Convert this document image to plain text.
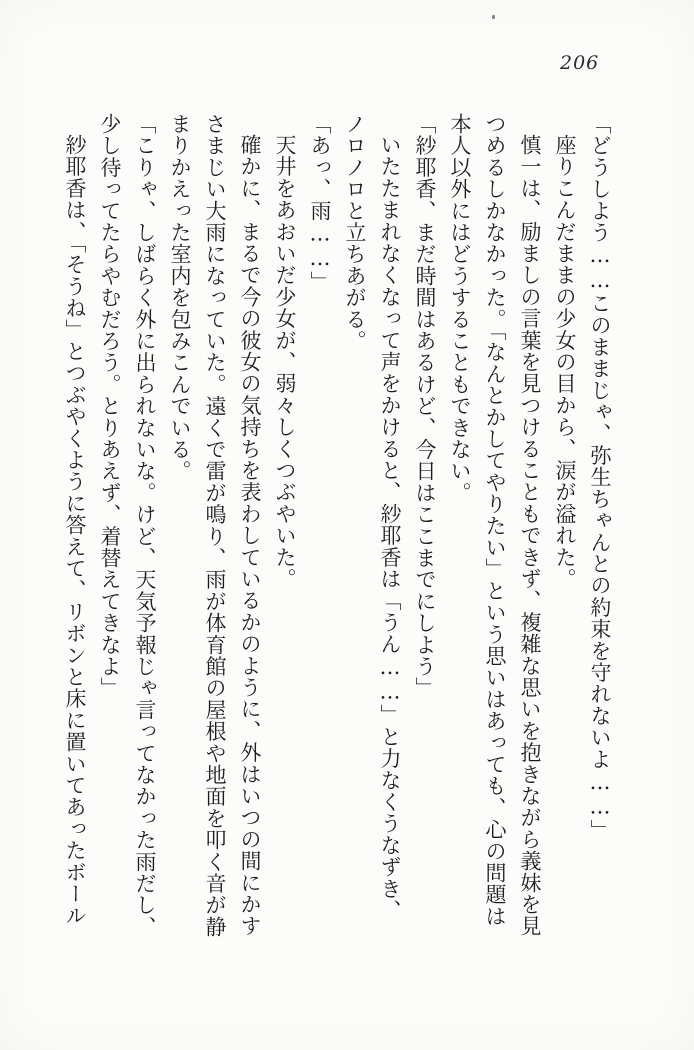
206

「どうしよう……このままじゃ、弥生ちゃんとの約束を守れないよ……」

座りこんだままの少女の目から、涙が溢れた。

慎一は、励ましの言葉を見つけることもできず、複雑な思いを抱きながら義妹を見つめるしかなかった。「なんとかしてやりたい」という思いはあっても、心の問題は本人以外にはどうすることもできない。

「紗耶香、まだ時間はあるけど、今日はここまでにしよう」

いたたまれなくなって声をかけると、紗耶香は「うん……」と力なくうなずき、ノロノロと立ちあがる。

「あっ、雨……」

天井をあおいだ少女が、弱々しくつぶやいた。

確かに、まるで今の彼女の気持ちを表わしているかのように、外はいつの間にかすさまじい大雨になっていた。遠くで雷が鳴り、雨が体育館の屋根や地面を叩く音が静まりかえった室内を包みこんでいる。

「こりゃ、しばらく外に出られないな。けど、天気予報じゃ言ってなかった雨だし、少し待ってたらやむだろう。とりあえず、着替えてきなよ」

紗耶香は、「そうね」とつぶやくように答えて、リボンと床に置いてあったボール
